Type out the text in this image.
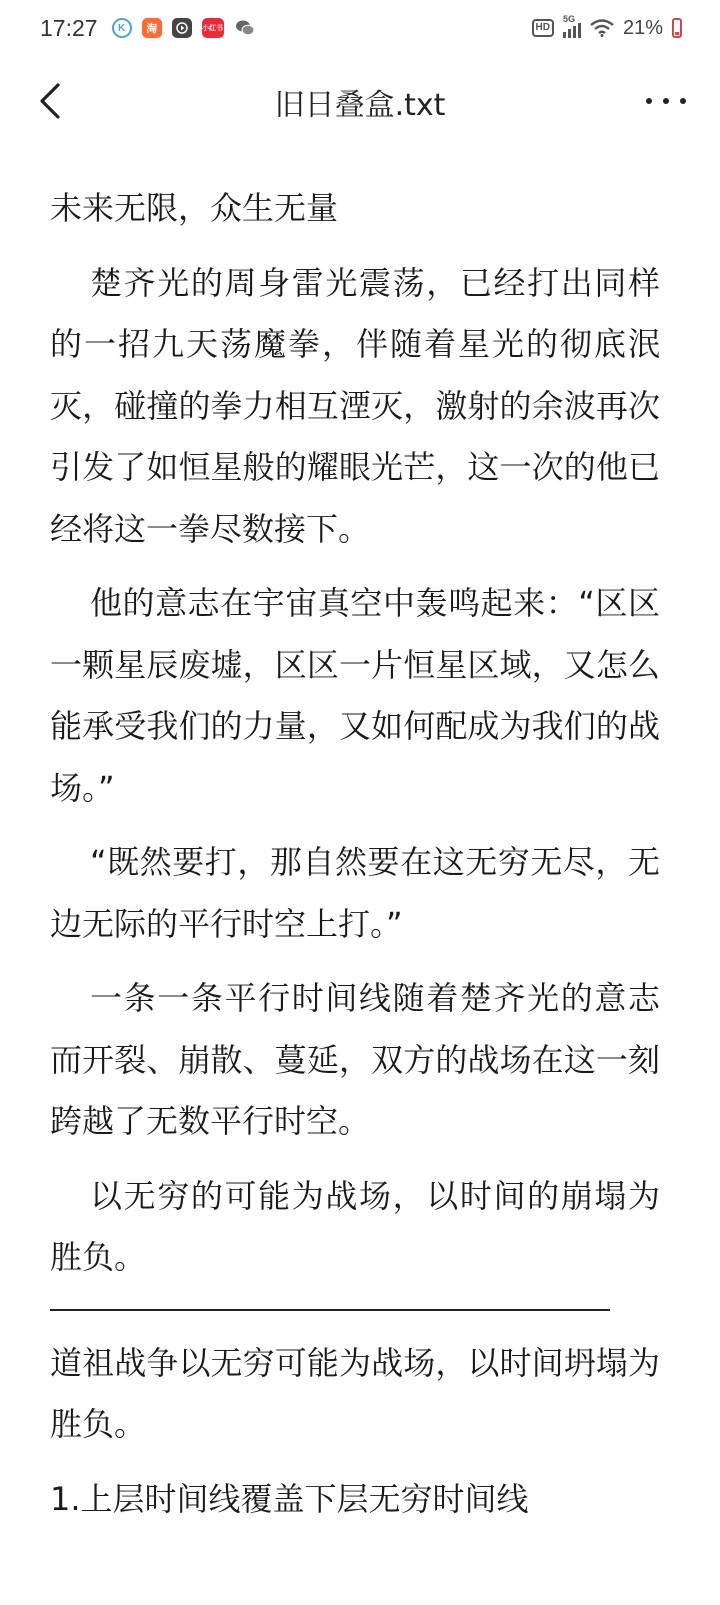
17:27	K	淘	小红书	HD
5G 21%
旧日叠盒.txt

未来无限，众生无量

楚齐光的周身雷光震荡，已经打出同样的一招九天荡魔拳，伴随着星光的彻底泯灭，碰撞的拳力相互湮灭，激射的余波再次引发了如恒星般的耀眼光芒，这一次的他已经将这一拳尽数接下。

他的意志在宇宙真空中轰鸣起来：“区区一颗星辰废墟，区区一片恒星区域，又怎么能承受我们的力量，又如何配成为我们的战场。”

“既然要打，那自然要在这无穷无尽，无边无际的平行时空上打。”

一条一条平行时间线随着楚齐光的意志而开裂、崩散、蔓延，双方的战场在这一刻跨越了无数平行时空。

以无穷的可能为战场，以时间的崩塌为胜负。

道祖战争以无穷可能为战场，以时间坍塌为胜负。

1.上层时间线覆盖下层无穷时间线
